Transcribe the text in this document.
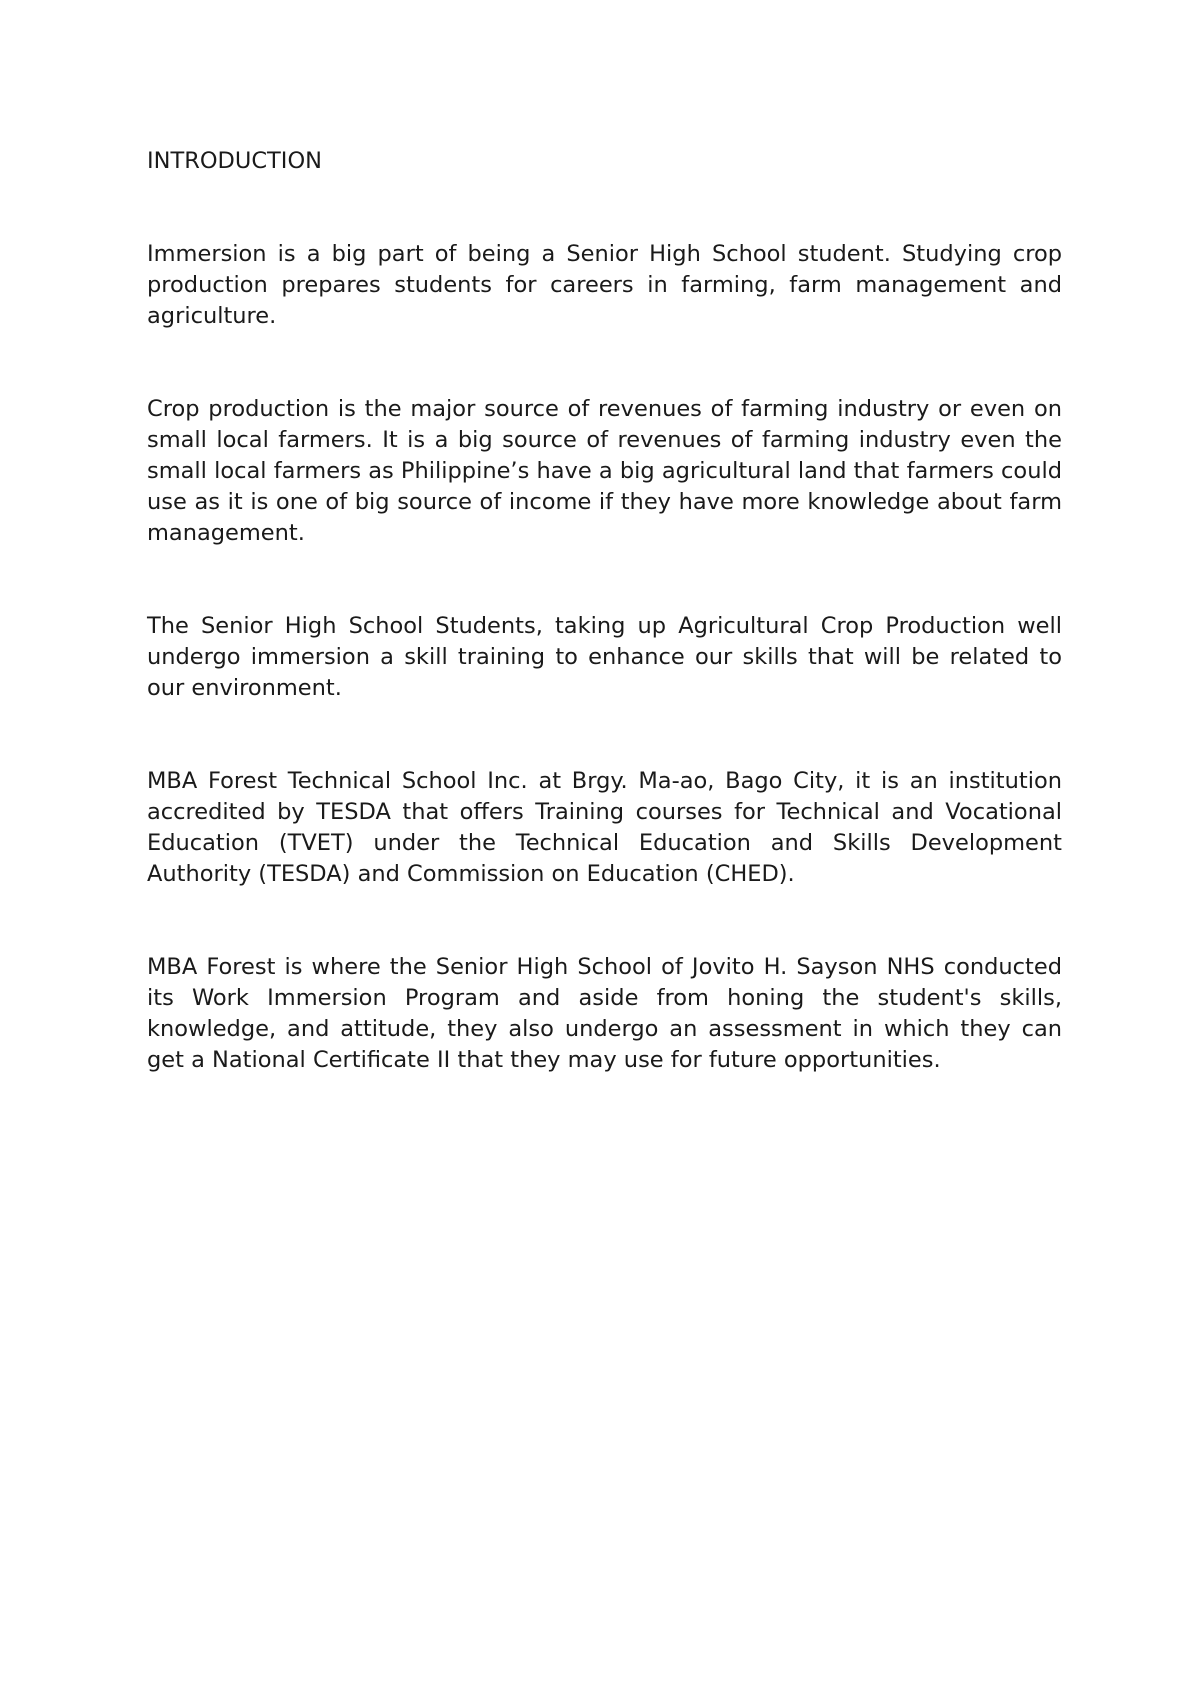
INTRODUCTION

Immersion is a big part of being a Senior High School student. Studying crop production prepares students for careers in farming, farm management and agriculture.

Crop production is the major source of revenues of farming industry or even on small local farmers. It is a big source of revenues of farming industry even the small local farmers as Philippine’s have a big agricultural land that farmers could use as it is one of big source of income if they have more knowledge about farm management.

The Senior High School Students, taking up Agricultural Crop Production well undergo immersion a skill training to enhance our skills that will be related to our environment.

MBA Forest Technical School Inc. at Brgy. Ma-ao, Bago City, it is an institution accredited by TESDA that offers Training courses for Technical and Vocational Education (TVET) under the Technical Education and Skills Development Authority (TESDA) and Commission on Education (CHED).

MBA Forest is where the Senior High School of Jovito H. Sayson NHS conducted its Work Immersion Program and aside from honing the student's skills, knowledge, and attitude, they also undergo an assessment in which they can get a National Certificate II that they may use for future opportunities.
